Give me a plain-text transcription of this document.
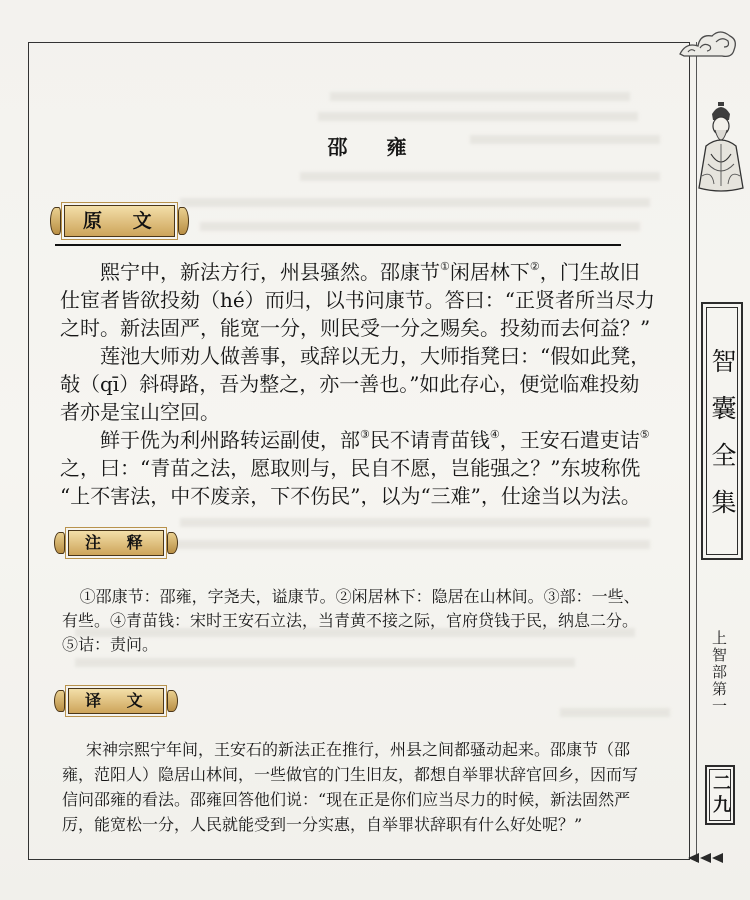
邵 雍
原 文
熙宁中，新法方行，州县骚然。邵康节①闲居林下②，门生故旧
仕宦者皆欲投劾（hé）而归，以书问康节。答曰：“正贤者所当尽力
之时。新法固严，能宽一分，则民受一分之赐矣。投劾而去何益？”
莲池大师劝人做善事，或辞以无力，大师指凳曰：“假如此凳，
敧（qī）斜碍路，吾为整之，亦一善也。”如此存心，便觉临难投劾
者亦是宝山空回。
鲜于侁为利州路转运副使，部③民不请青苗钱④，王安石遣吏诘⑤
之，曰：“青苗之法，愿取则与，民自不愿，岂能强之？”东坡称侁
“上不害法，中不废亲，下不伤民”，以为“三难”，仕途当以为法。
注 释
①邵康节：邵雍，字尧夫，谥康节。②闲居林下：隐居在山林间。③部：一些、
有些。④青苗钱：宋时王安石立法，当青黄不接之际，官府贷钱于民，纳息二分。
⑤诘：责问。
译 文
宋神宗熙宁年间，王安石的新法正在推行，州县之间都骚动起来。邵康节（邵
雍，范阳人）隐居山林间，一些做官的门生旧友，都想自举罪状辞官回乡，因而写
信问邵雍的看法。邵雍回答他们说：“现在正是你们应当尽力的时候，新法固然严
厉，能宽松一分，人民就能受到一分实惠，自举罪状辞职有什么好处呢？”
智囊全集
上智部第一
二九
